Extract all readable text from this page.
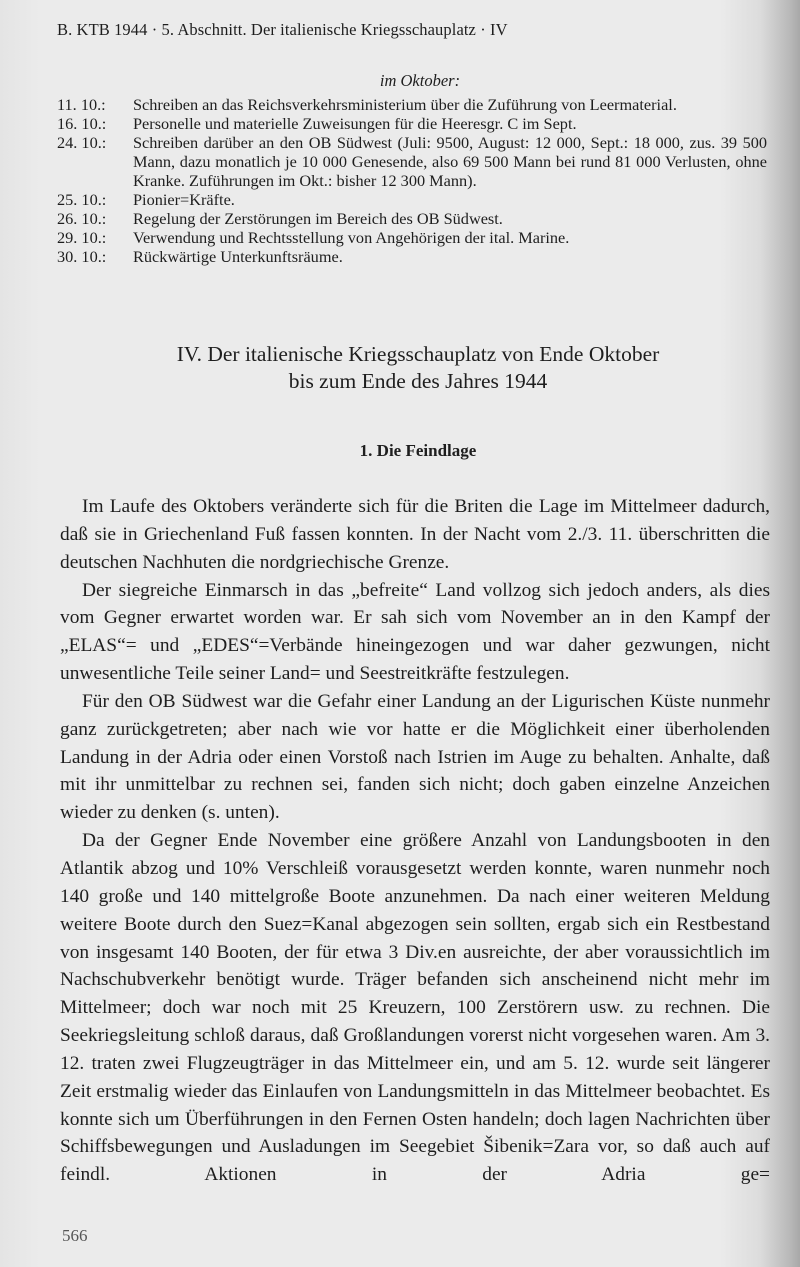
B. KTB 1944 · 5. Abschnitt. Der italienische Kriegsschauplatz · IV
im Oktober:
11. 10.:	Schreiben an das Reichsverkehrsministerium über die Zuführung von Leermaterial.
16. 10.:	Personelle und materielle Zuweisungen für die Heeresgr. C im Sept.
24. 10.:	Schreiben darüber an den OB Südwest (Juli: 9500, August: 12 000, Sept.: 18 000, zus. 39 500 Mann, dazu monatlich je 10 000 Genesende, also 69 500 Mann bei rund 81 000 Verlusten, ohne Kranke. Zuführungen im Okt.: bisher 12 300 Mann).
25. 10.:	Pionier=Kräfte.
26. 10.:	Regelung der Zerstörungen im Bereich des OB Südwest.
29. 10.:	Verwendung und Rechtsstellung von Angehörigen der ital. Marine.
30. 10.:	Rückwärtige Unterkunftsräume.
IV. Der italienische Kriegsschauplatz von Ende Oktober
bis zum Ende des Jahres 1944
1. Die Feindlage

Im Laufe des Oktobers veränderte sich für die Briten die Lage im Mittelmeer dadurch, daß sie in Griechenland Fuß fassen konnten. In der Nacht vom 2./3. 11. überschritten die deutschen Nachhuten die nordgriechische Grenze.

Der siegreiche Einmarsch in das „befreite“ Land vollzog sich jedoch anders, als dies vom Gegner erwartet worden war. Er sah sich vom November an in den Kampf der „ELAS“= und „EDES“=Verbände hineingezogen und war daher gezwungen, nicht unwesentliche Teile seiner Land= und Seestreitkräfte festzulegen.

Für den OB Südwest war die Gefahr einer Landung an der Ligurischen Küste nunmehr ganz zurückgetreten; aber nach wie vor hatte er die Möglichkeit einer überholenden Landung in der Adria oder einen Vorstoß nach Istrien im Auge zu behalten. Anhalte, daß mit ihr unmittelbar zu rechnen sei, fanden sich nicht; doch gaben einzelne Anzeichen wieder zu denken (s. unten).

Da der Gegner Ende November eine größere Anzahl von Landungsbooten in den Atlantik abzog und 10% Verschleiß vorausgesetzt werden konnte, waren nunmehr noch 140 große und 140 mittelgroße Boote anzunehmen. Da nach einer weiteren Meldung weitere Boote durch den Suez=Kanal abgezogen sein sollten, ergab sich ein Restbestand von insgesamt 140 Booten, der für etwa 3 Div.en ausreichte, der aber voraussichtlich im Nachschubverkehr benötigt wurde. Träger befanden sich anscheinend nicht mehr im Mittelmeer; doch war noch mit 25 Kreuzern, 100 Zerstörern usw. zu rechnen. Die Seekriegsleitung schloß daraus, daß Großlandungen vorerst nicht vorgesehen waren. Am 3. 12. traten zwei Flugzeugträger in das Mittelmeer ein, und am 5. 12. wurde seit längerer Zeit erstmalig wieder das Einlaufen von Landungsmitteln in das Mittelmeer beobachtet. Es konnte sich um Überführungen in den Fernen Osten handeln; doch lagen Nachrichten über Schiffsbewegungen und Ausladungen im Seegebiet Šibenik=Zara vor, so daß auch auf feindl. Aktionen in der Adria ge=

566
